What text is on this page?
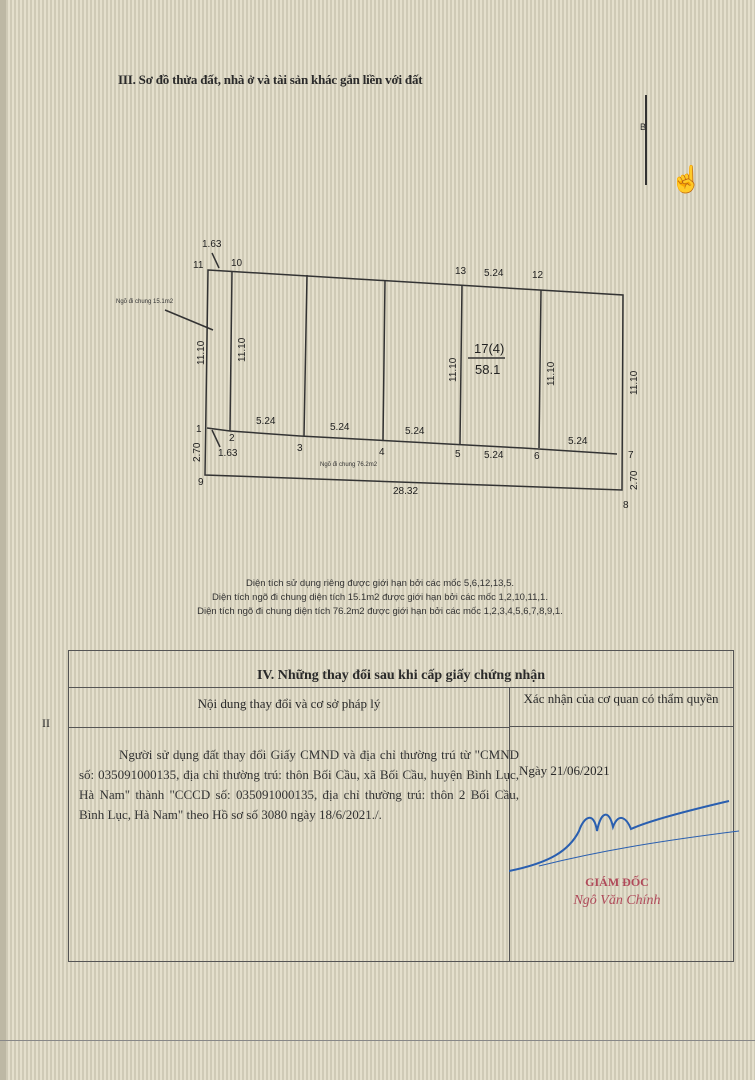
III. Sơ đồ thửa đất, nhà ở và tài sản khác gắn liền với đất
B
☝
1.63
11	10
13 5.24	12
Ngõ đi chung 15.1m2
11.10	11.10
11.10	11.10	11.10
17(4)
58.1
5.24
5.24	5.24
5.24
5.24
1
2
1.63	3	4	5	6	7
2.70
2.70
Ngõ đi chung 76.2m2
9
28.32
8
Diện tích sử dụng riêng được giới hạn bởi các mốc 5,6,12,13,5.
Diện tích ngõ đi chung diện tích 15.1m2 được giới hạn bởi các mốc 1,2,10,11,1.
Diện tích ngõ đi chung diện tích 76.2m2 được giới hạn bởi các mốc 1,2,3,4,5,6,7,8,9,1.
II
IV. Những thay đổi sau khi cấp giấy chứng nhận
Nội dung thay đổi và cơ sở pháp lý	Xác nhận của cơ quan có thẩm quyền
Người sử dụng đất thay đổi Giấy CMND và địa chỉ thường trú từ "CMND số: 035091000135, địa chỉ thường trú: thôn Bối Cầu, xã Bối Cầu, huyện Bình Lục, Hà Nam" thành "CCCD số: 035091000135, địa chỉ thường trú: thôn 2 Bối Cầu, Bình Lục, Hà Nam" theo Hồ sơ số 3080 ngày 18/6/2021./.
Ngày 21/06/2021
GIÁM ĐỐC
Ngô Văn Chính
